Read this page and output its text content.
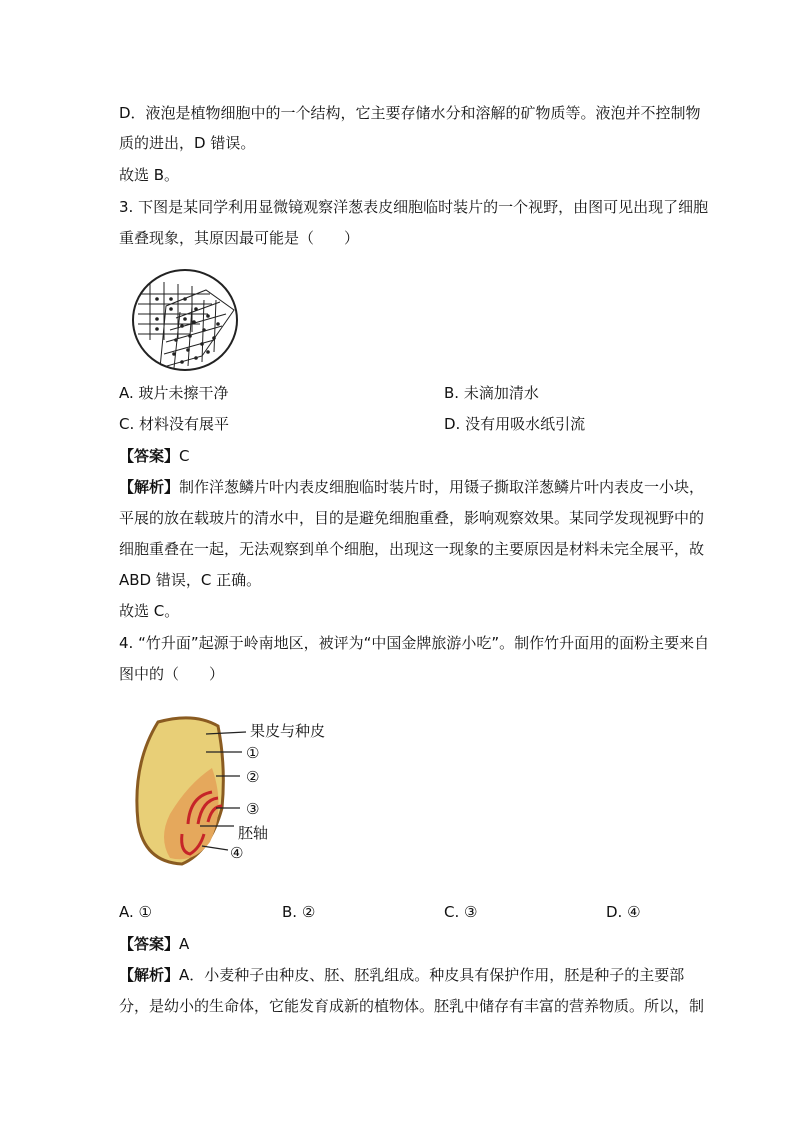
D．液泡是植物细胞中的一个结构，它主要存储水分和溶解的矿物质等。液泡并不控制物
质的进出，D 错误。
故选 B。
3. 下图是某同学利用显微镜观察洋葱表皮细胞临时装片的一个视野，由图可见出现了细胞
重叠现象，其原因最可能是（　　）
A. 玻片未擦干净	B. 未滴加清水
C. 材料没有展平	D. 没有用吸水纸引流
【答案】C
【解析】制作洋葱鳞片叶内表皮细胞临时装片时，用镊子撕取洋葱鳞片叶内表皮一小块，
平展的放在载玻片的清水中，目的是避免细胞重叠，影响观察效果。某同学发现视野中的
细胞重叠在一起，无法观察到单个细胞，出现这一现象的主要原因是材料未完全展平，故
ABD 错误，C 正确。
故选 C。
4. “竹升面”起源于岭南地区，被评为“中国金牌旅游小吃”。制作竹升面用的面粉主要来自
图中的（　　）
果皮与种皮
①
②
③
胚轴
④
A. ①	B. ②	C. ③	D. ④
【答案】A
【解析】A．小麦种子由种皮、胚、胚乳组成。种皮具有保护作用，胚是种子的主要部
分，是幼小的生命体，它能发育成新的植物体。胚乳中储存有丰富的营养物质。所以，制
